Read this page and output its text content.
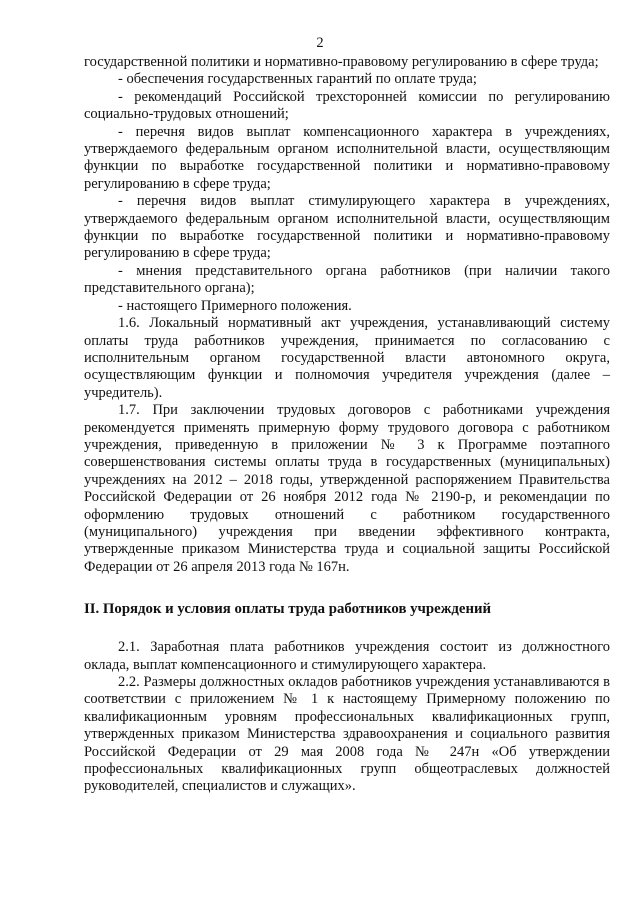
2

государственной политики и нормативно-правовому регулированию в сфере труда;

- обеспечения государственных гарантий по оплате труда;

- рекомендаций Российской трехсторонней комиссии по регулированию социально-трудовых отношений;

- перечня видов выплат компенсационного характера в учреждениях, утверждаемого федеральным органом исполнительной власти, осуществляющим функции по выработке государственной политики и нормативно-правовому регулированию в сфере труда;

- перечня видов выплат стимулирующего характера в учреждениях, утверждаемого федеральным органом исполнительной власти, осуществляющим функции по выработке государственной политики и нормативно-правовому регулированию в сфере труда;

- мнения представительного органа работников (при наличии такого представительного органа);

- настоящего Примерного положения.

1.6. Локальный нормативный акт учреждения, устанавливающий систему оплаты труда работников учреждения, принимается по согласованию с исполнительным органом государственной власти автономного округа, осуществляющим функции и полномочия учредителя учреждения (далее – учредитель).

1.7. При заключении трудовых договоров с работниками учреждения рекомендуется применять примерную форму трудового договора с работником учреждения, приведенную в приложении № 3 к Программе поэтапного совершенствования системы оплаты труда в государственных (муниципальных) учреждениях на 2012 – 2018 годы, утвержденной распоряжением Правительства Российской Федерации от 26 ноября 2012 года № 2190-р, и рекомендации по оформлению трудовых отношений с работником государственного (муниципального) учреждения при введении эффективного контракта, утвержденные приказом Министерства труда и социальной защиты Российской Федерации от 26 апреля 2013 года № 167н.

II. Порядок и условия оплаты труда работников учреждений

2.1. Заработная плата работников учреждения состоит из должностного оклада, выплат компенсационного и стимулирующего характера.

2.2. Размеры должностных окладов работников учреждения устанавливаются в соответствии с приложением № 1 к настоящему Примерному положению по квалификационным уровням профессиональных квалификационных групп, утвержденных приказом Министерства здравоохранения и социального развития Российской Федерации от 29 мая 2008 года № 247н «Об утверждении профессиональных квалификационных групп общеотраслевых должностей руководителей, специалистов и служащих».
